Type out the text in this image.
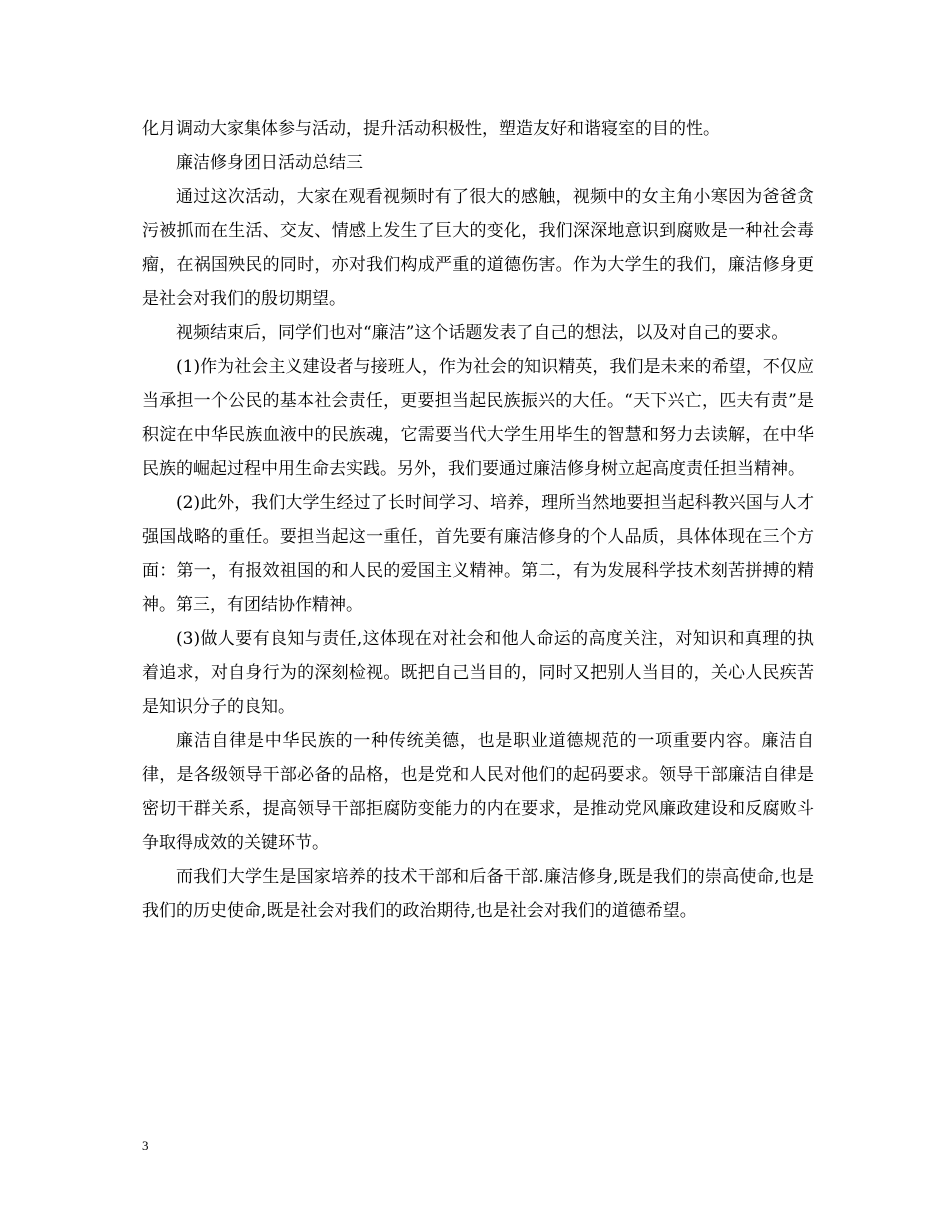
化月调动大家集体参与活动，提升活动积极性，塑造友好和谐寝室的目的性。

廉洁修身团日活动总结三

通过这次活动，大家在观看视频时有了很大的感触，视频中的女主角小寒因为爸爸贪污被抓而在生活、交友、情感上发生了巨大的变化，我们深深地意识到腐败是一种社会毒瘤，在祸国殃民的同时，亦对我们构成严重的道德伤害。作为大学生的我们，廉洁修身更是社会对我们的殷切期望。

视频结束后，同学们也对“廉洁”这个话题发表了自己的想法，以及对自己的要求。

(1)作为社会主义建设者与接班人，作为社会的知识精英，我们是未来的希望，不仅应当承担一个公民的基本社会责任，更要担当起民族振兴的大任。“天下兴亡，匹夫有责”是积淀在中华民族血液中的民族魂，它需要当代大学生用毕生的智慧和努力去读解，在中华民族的崛起过程中用生命去实践。另外，我们要通过廉洁修身树立起高度责任担当精神。

(2)此外，我们大学生经过了长时间学习、培养，理所当然地要担当起科教兴国与人才强国战略的重任。要担当起这一重任，首先要有廉洁修身的个人品质，具体体现在三个方面：第一，有报效祖国的和人民的爱国主义精神。第二，有为发展科学技术刻苦拼搏的精神。第三，有团结协作精神。

(3)做人要有良知与责任,这体现在对社会和他人命运的高度关注，对知识和真理的执着追求，对自身行为的深刻检视。既把自己当目的，同时又把别人当目的，关心人民疾苦是知识分子的良知。

廉洁自律是中华民族的一种传统美德，也是职业道德规范的一项重要内容。廉洁自律，是各级领导干部必备的品格，也是党和人民对他们的起码要求。领导干部廉洁自律是密切干群关系，提高领导干部拒腐防变能力的内在要求，是推动党风廉政建设和反腐败斗争取得成效的关键环节。

而我们大学生是国家培养的技术干部和后备干部.廉洁修身,既是我们的崇高使命,也是我们的历史使命,既是社会对我们的政治期待,也是社会对我们的道德希望。

3
